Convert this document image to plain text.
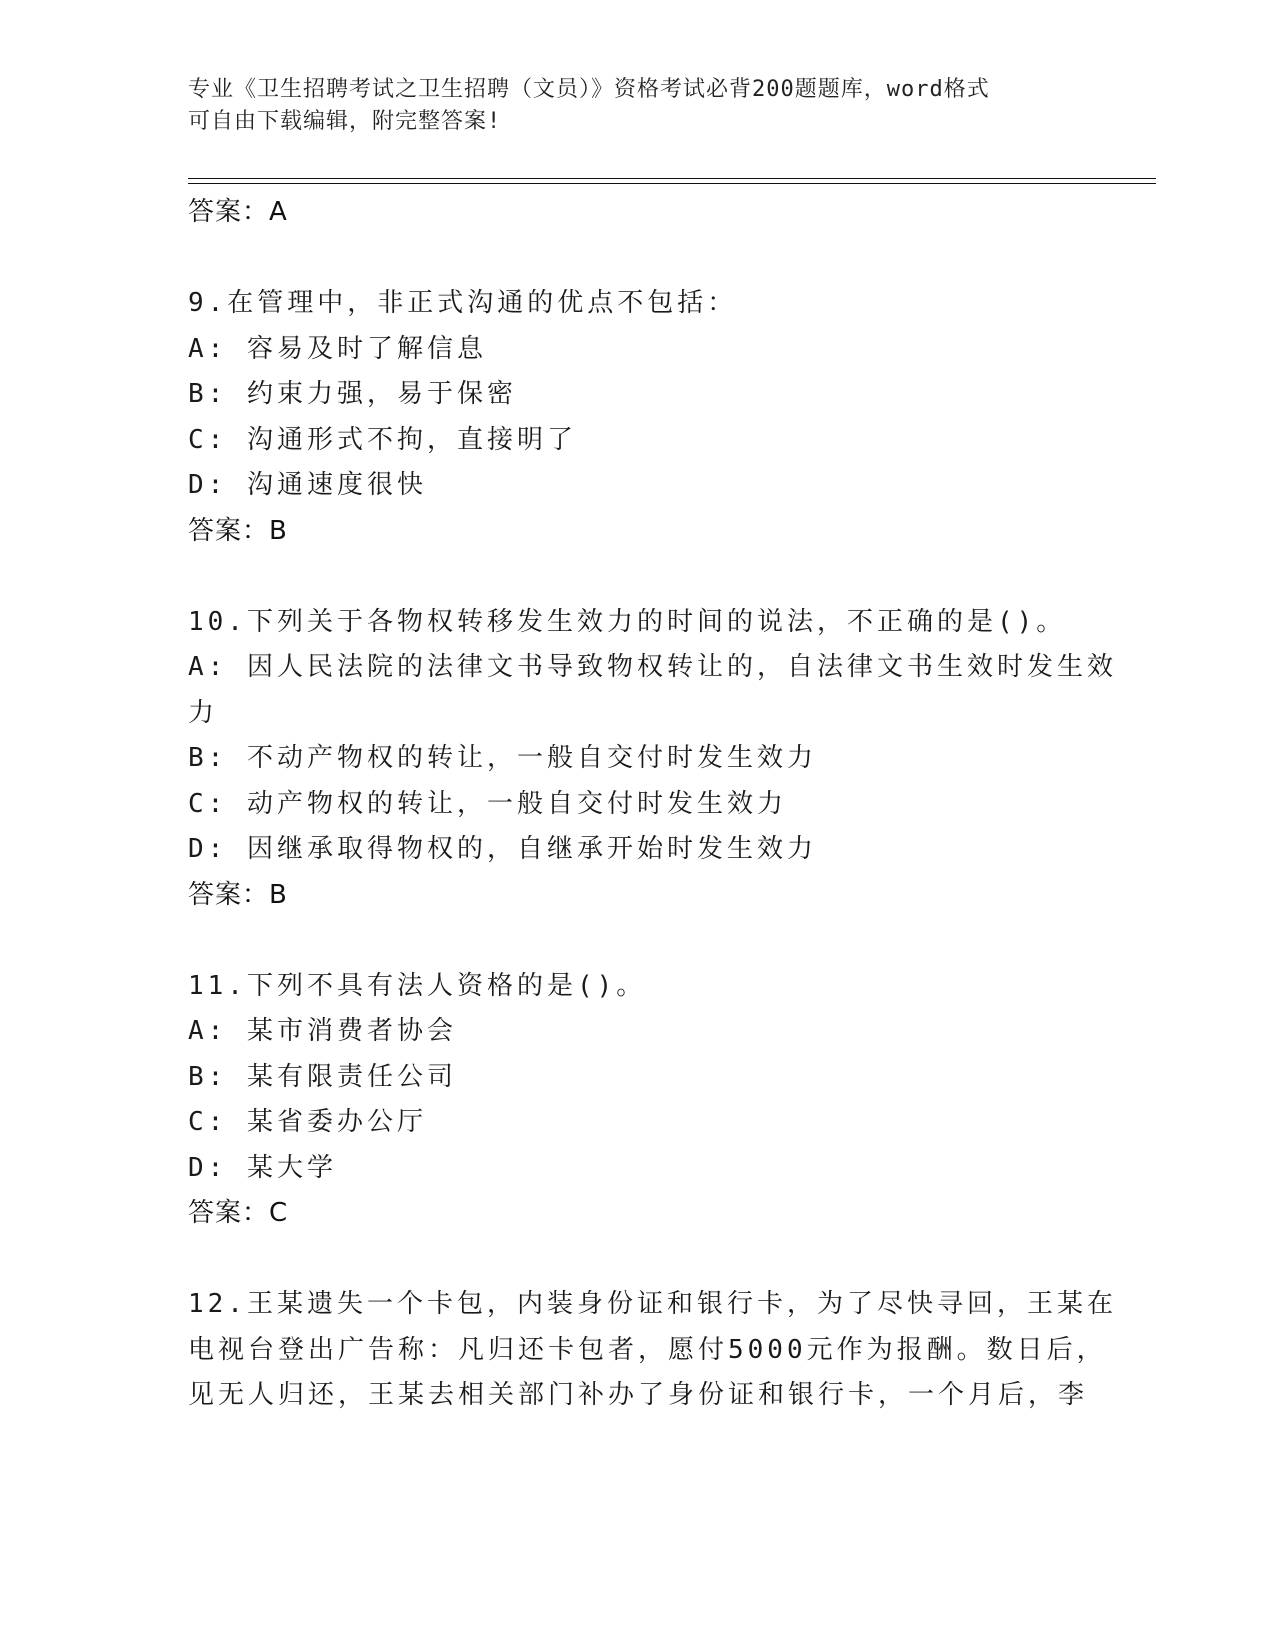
专业《卫生招聘考试之卫生招聘（文员）》资格考试必背200题题库，word格式
可自由下载编辑，附完整答案!
答案：A
9.在管理中，非正式沟通的优点不包括：
A: 容易及时了解信息
B: 约束力强，易于保密
C: 沟通形式不拘，直接明了
D: 沟通速度很快
答案：B
10.下列关于各物权转移发生效力的时间的说法，不正确的是()。
A: 因人民法院的法律文书导致物权转让的，自法律文书生效时发生效
力
B: 不动产物权的转让，一般自交付时发生效力
C: 动产物权的转让，一般自交付时发生效力
D: 因继承取得物权的，自继承开始时发生效力
答案：B
11.下列不具有法人资格的是()。
A: 某市消费者协会
B: 某有限责任公司
C: 某省委办公厅
D: 某大学
答案：C
12.王某遗失一个卡包，内装身份证和银行卡，为了尽快寻回，王某在
电视台登出广告称：凡归还卡包者，愿付5000元作为报酬。数日后，
见无人归还，王某去相关部门补办了身份证和银行卡，一个月后，李
